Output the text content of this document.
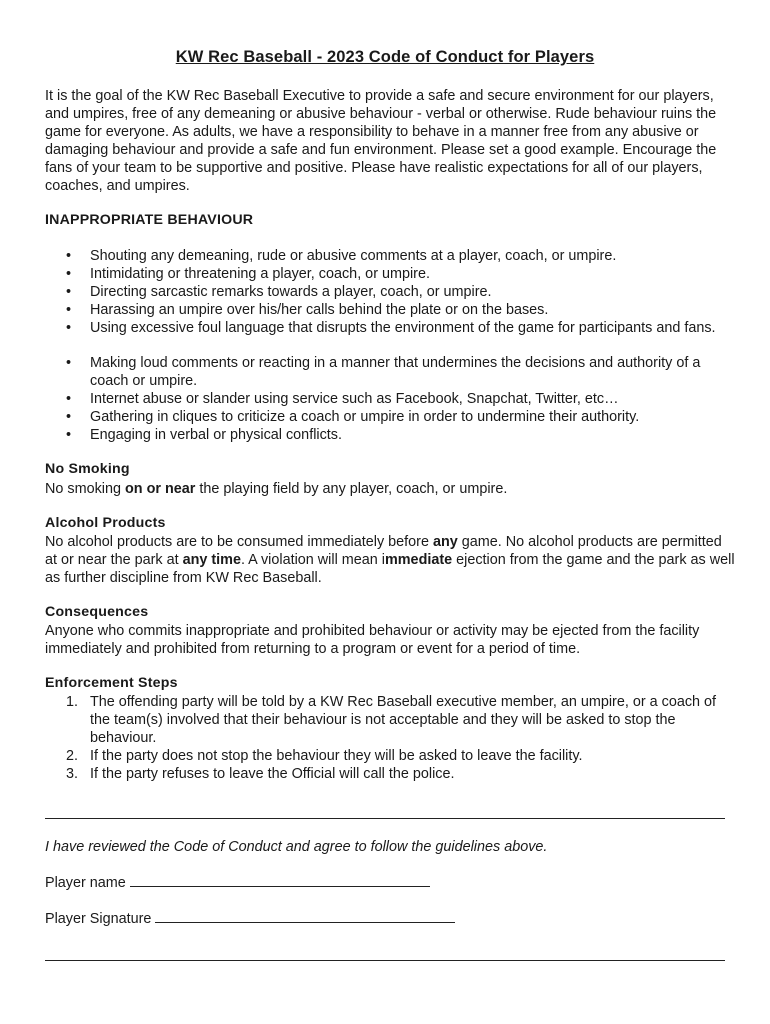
KW Rec Baseball - 2023 Code of Conduct for Players
It is the goal of the KW Rec Baseball Executive to provide a safe and secure environment for our players, and umpires, free of any demeaning or abusive behaviour - verbal or otherwise. Rude behaviour ruins the game for everyone. As adults, we have a responsibility to behave in a manner free from any abusive or damaging behaviour and provide a safe and fun environment. Please set a good example. Encourage the fans of your team to be supportive and positive. Please have realistic expectations for all of our players, coaches, and umpires.
INAPPROPRIATE BEHAVIOUR
• Shouting any demeaning, rude or abusive comments at a player, coach, or umpire.
• Intimidating or threatening a player, coach, or umpire.
• Directing sarcastic remarks towards a player, coach, or umpire.
• Harassing an umpire over his/her calls behind the plate or on the bases.
• Using excessive foul language that disrupts the environment of the game for participants and fans.
• Making loud comments or reacting in a manner that undermines the decisions and authority of a coach or umpire.
• Internet abuse or slander using service such as Facebook, Snapchat, Twitter, etc…
• Gathering in cliques to criticize a coach or umpire in order to undermine their authority.
• Engaging in verbal or physical conflicts.
No Smoking
No smoking on or near the playing field by any player, coach, or umpire.
Alcohol Products
No alcohol products are to be consumed immediately before any game. No alcohol products are permitted at or near the park at any time. A violation will mean immediate ejection from the game and the park as well as further discipline from KW Rec Baseball.
Consequences
Anyone who commits inappropriate and prohibited behaviour or activity may be ejected from the facility immediately and prohibited from returning to a program or event for a period of time.
Enforcement Steps
1. The offending party will be told by a KW Rec Baseball executive member, an umpire, or a coach of the team(s) involved that their behaviour is not acceptable and they will be asked to stop the behaviour.
2. If the party does not stop the behaviour they will be asked to leave the facility.
3. If the party refuses to leave the Official will call the police.
I have reviewed the Code of Conduct and agree to follow the guidelines above.
Player name
Player Signature
